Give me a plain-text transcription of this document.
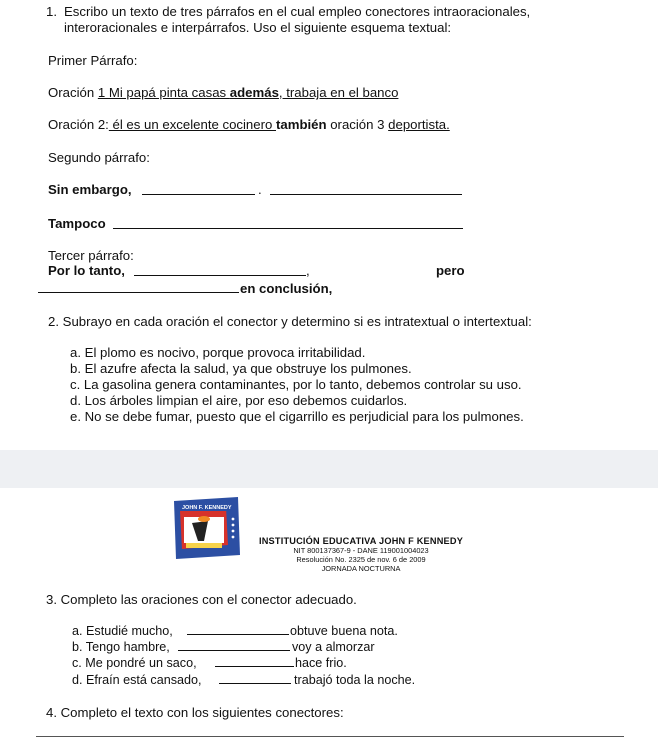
1. Escribo un texto de tres párrafos en el cual empleo conectores intraoracionales,
interoracionales e interpárrafos. Uso el siguiente esquema textual:
Primer Párrafo:
Oración 1 Mi papá pinta casas además, trabaja en el banco
Oración 2: él es un excelente cocinero también oración 3 deportista.
Segundo párrafo:
Sin embargo,	.
Tampoco
Tercer párrafo:
Por lo tanto,	,	pero
en conclusión,
2. Subrayo en cada oración el conector y determino si es intratextual o intertextual:
a. El plomo es nocivo, porque provoca irritabilidad.
b. El azufre afecta la salud, ya que obstruye los pulmones.
c. La gasolina genera contaminantes, por lo tanto, debemos controlar su uso.
d. Los árboles limpian el aire, por eso debemos cuidarlos.
e. No se debe fumar, puesto que el cigarrillo es perjudicial para los pulmones.
JOHN F. KENNEDY
INSTITUCIÓN EDUCATIVA JOHN F KENNEDY
NIT 800137367-9 - DANE 119001004023
Resolución No. 2325 de nov. 6 de 2009
JORNADA NOCTURNA
3. Completo las oraciones con el conector adecuado.
a. Estudié mucho,	obtuve buena nota.
b. Tengo hambre,	voy a almorzar
c. Me pondré un saco,	hace frio.
d. Efraín está cansado,	trabajó toda la noche.
4. Completo el texto con los siguientes conectores:
